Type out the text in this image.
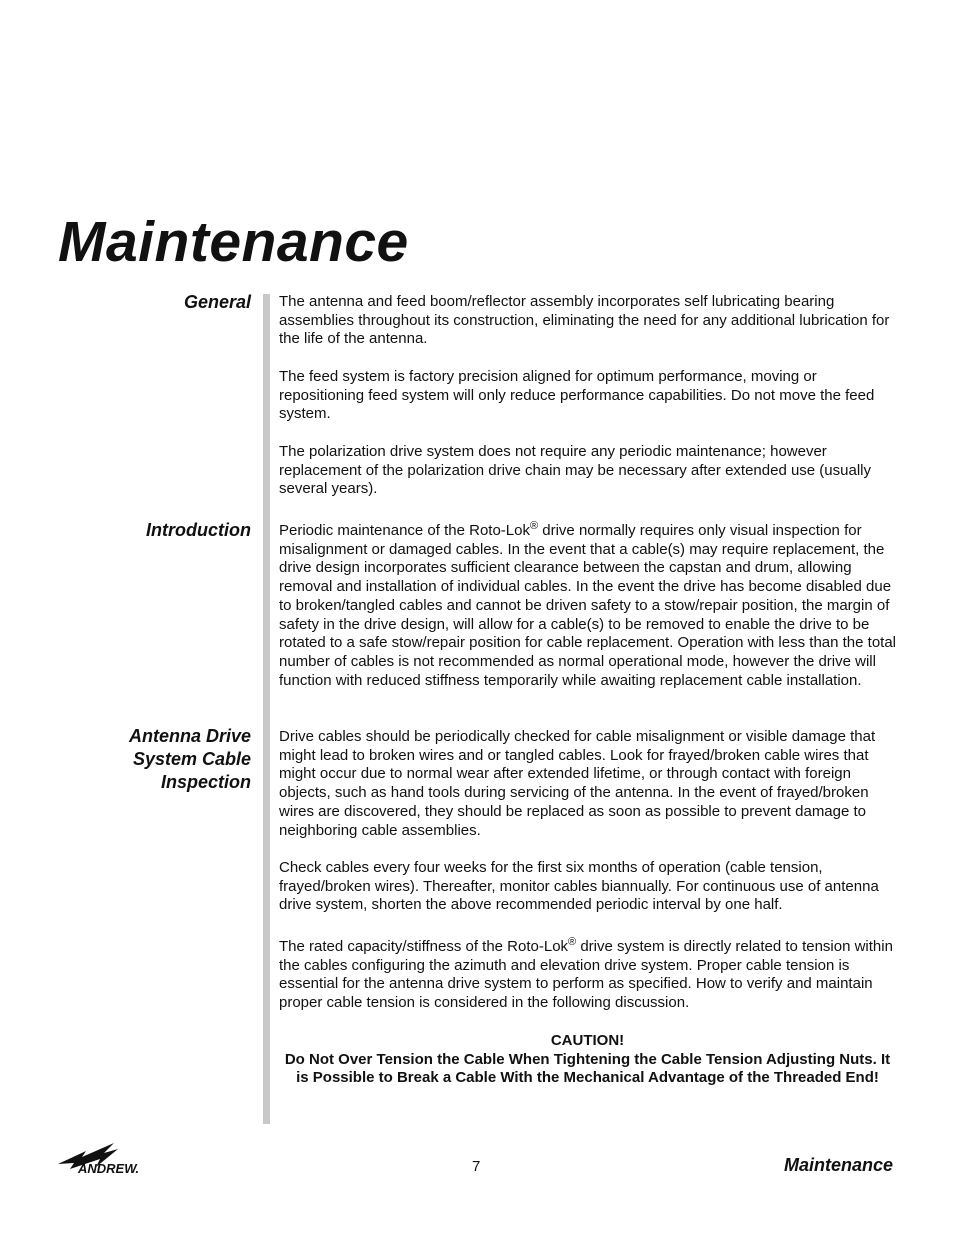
Maintenance
General The antenna and feed boom/reflector assembly incorporates self lubricating bearing assemblies throughout its construction, eliminating the need for any additional lubrication for the life of the antenna.
The feed system is factory precision aligned for optimum performance, moving or repositioning feed system will only reduce performance capabilities. Do not move the feed system.
The polarization drive system does not require any periodic maintenance; however replacement of the polarization drive chain may be necessary after extended use (usually several years).
Introduction Periodic maintenance of the Roto-Lok® drive normally requires only visual inspection for misalignment or damaged cables. In the event that a cable(s) may require replacement, the drive design incorporates sufficient clearance between the capstan and drum, allowing removal and installation of individual cables. In the event the drive has become disabled due to broken/tangled cables and cannot be driven safety to a stow/repair position, the margin of safety in the drive design, will allow for a cable(s) to be removed to enable the drive to be rotated to a safe stow/repair position for cable replacement. Operation with less than the total number of cables is not recommended as normal operational mode, however the drive will function with reduced stiffness temporarily while awaiting replacement cable installation.
Antenna Drive
System Cable
Inspection
Drive cables should be periodically checked for cable misalignment or visible damage that might lead to broken wires and or tangled cables. Look for frayed/broken cable wires that might occur due to normal wear after extended lifetime, or through contact with foreign objects, such as hand tools during servicing of the antenna. In the event of frayed/broken wires are discovered, they should be replaced as soon as possible to prevent damage to neighboring cable assemblies.
Check cables every four weeks for the first six months of operation (cable tension, frayed/broken wires). Thereafter, monitor cables biannually. For continuous use of antenna drive system, shorten the above recommended periodic interval by one half.
The rated capacity/stiffness of the Roto-Lok® drive system is directly related to tension within the cables configuring the azimuth and elevation drive system. Proper cable tension is essential for the antenna drive system to perform as specified. How to verify and maintain proper cable tension is considered in the following discussion.
CAUTION!
Do Not Over Tension the Cable When Tightening the Cable Tension Adjusting Nuts. It is Possible to Break a Cable With the Mechanical Advantage of the Threaded End!
ANDREW.	7	Maintenance
